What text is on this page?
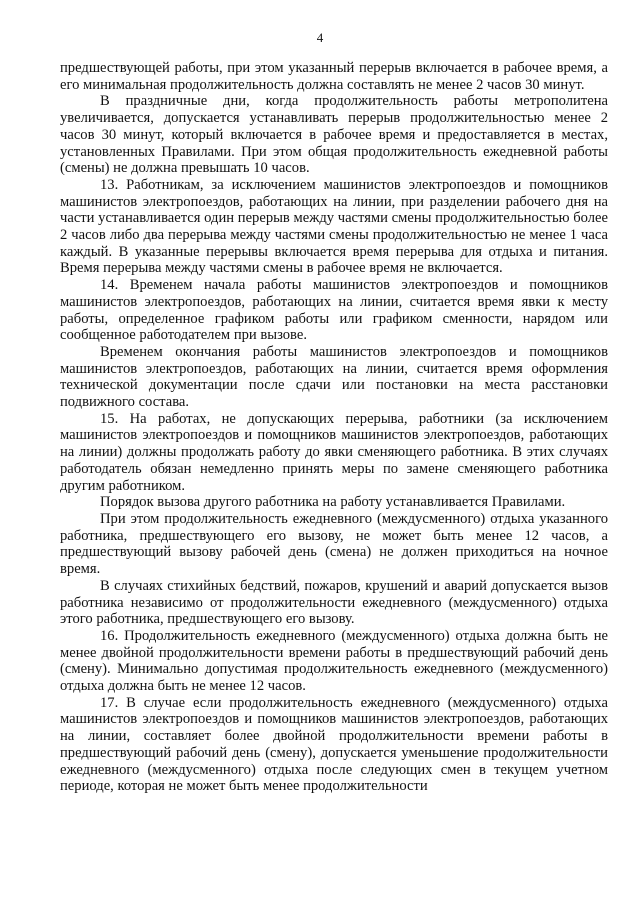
4

предшествующей работы, при этом указанный перерыв включается в рабочее время, а его минимальная продолжительность должна составлять не менее 2 часов 30 минут.

В праздничные дни, когда продолжительность работы метрополитена увеличивается, допускается устанавливать перерыв продолжительностью менее 2 часов 30 минут, который включается в рабочее время и предоставляется в местах, установленных Правилами. При этом общая продолжительность ежедневной работы (смены) не должна превышать 10 часов.

13. Работникам, за исключением машинистов электропоездов и помощников машинистов электропоездов, работающих на линии, при разделении рабочего дня на части устанавливается один перерыв между частями смены продолжительностью более 2 часов либо два перерыва между частями смены продолжительностью не менее 1 часа каждый. В указанные перерывы включается время перерыва для отдыха и питания. Время перерыва между частями смены в рабочее время не включается.

14. Временем начала работы машинистов электропоездов и помощников машинистов электропоездов, работающих на линии, считается время явки к месту работы, определенное графиком работы или графиком сменности, нарядом или сообщенное работодателем при вызове.

Временем окончания работы машинистов электропоездов и помощников машинистов электропоездов, работающих на линии, считается время оформления технической документации после сдачи или постановки на места расстановки подвижного состава.

15. На работах, не допускающих перерыва, работники (за исключением машинистов электропоездов и помощников машинистов электропоездов, работающих на линии) должны продолжать работу до явки сменяющего работника. В этих случаях работодатель обязан немедленно принять меры по замене сменяющего работника другим работником.

Порядок вызова другого работника на работу устанавливается Правилами.

При этом продолжительность ежедневного (междусменного) отдыха указанного работника, предшествующего его вызову, не может быть менее 12 часов, а предшествующий вызову рабочей день (смена) не должен приходиться на ночное время.

В случаях стихийных бедствий, пожаров, крушений и аварий допускается вызов работника независимо от продолжительности ежедневного (междусменного) отдыха этого работника, предшествующего его вызову.

16. Продолжительность ежедневного (междусменного) отдыха должна быть не менее двойной продолжительности времени работы в предшествующий рабочий день (смену). Минимально допустимая продолжительность ежедневного (междусменного) отдыха должна быть не менее 12 часов.

17. В случае если продолжительность ежедневного (междусменного) отдыха машинистов электропоездов и помощников машинистов электропоездов, работающих на линии, составляет более двойной продолжительности времени работы в предшествующий рабочий день (смену), допускается уменьшение продолжительности ежедневного (междусменного) отдыха после следующих смен в текущем учетном периоде, которая не может быть менее продолжительности
